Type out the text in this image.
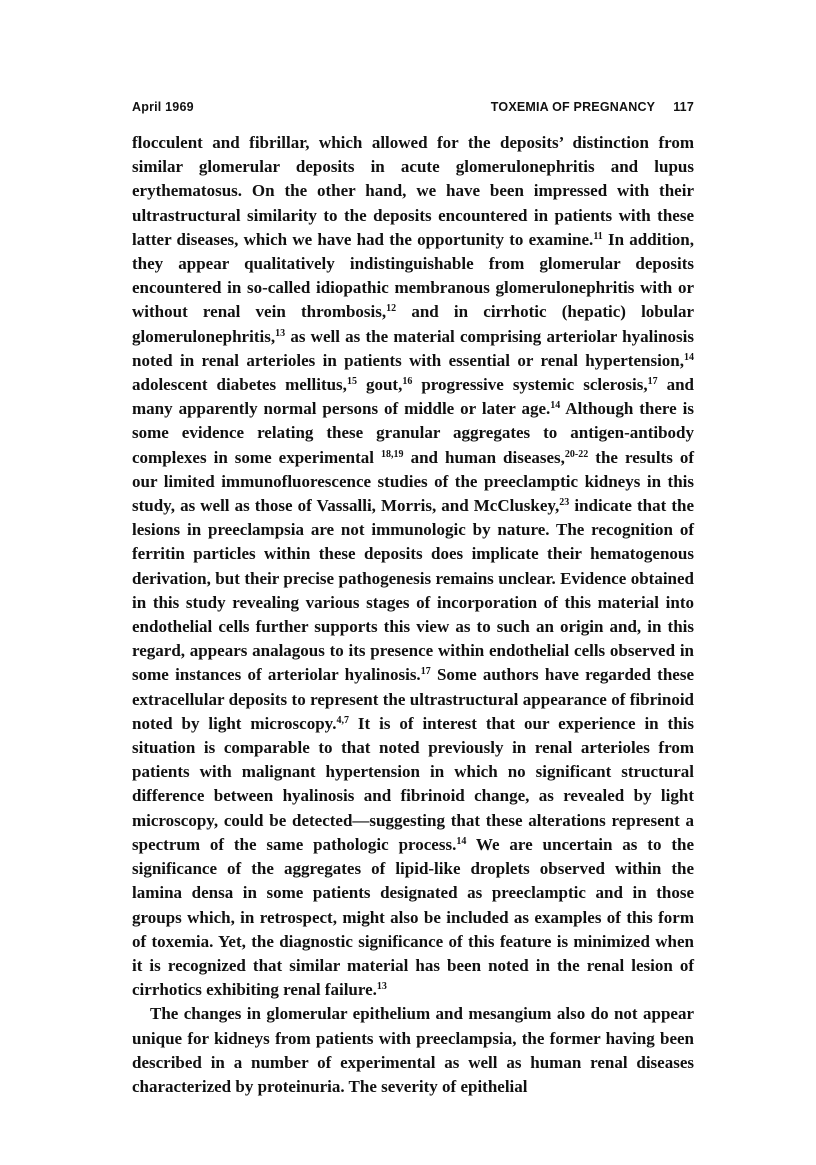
April 1969	TOXEMIA OF PREGNANCY 117

flocculent and fibrillar, which allowed for the deposits’ distinction from similar glomerular deposits in acute glomerulonephritis and lupus erythematosus. On the other hand, we have been impressed with their ultrastructural similarity to the deposits encountered in patients with these latter diseases, which we have had the opportunity to examine.$^{11}$ In addition, they appear qualitatively indistinguishable from glomerular deposits encountered in so-called idiopathic membranous glomerulonephritis with or without renal vein thrombosis,$^{12}$ and in cirrhotic (hepatic) lobular glomerulonephritis,$^{13}$ as well as the material comprising arteriolar hyalinosis noted in renal arterioles in patients with essential or renal hypertension,$^{14}$ adolescent diabetes mellitus,$^{15}$ gout,$^{16}$ progressive systemic sclerosis,$^{17}$ and many apparently normal persons of middle or later age.$^{14}$ Although there is some evidence relating these granular aggregates to antigen-antibody complexes in some experimental $^{18,19}$ and human diseases,$^{20-22}$ the results of our limited immunofluorescence studies of the preeclamptic kidneys in this study, as well as those of Vassalli, Morris, and McCluskey,$^{23}$ indicate that the lesions in preeclampsia are not immunologic by nature. The recognition of ferritin particles within these deposits does implicate their hematogenous derivation, but their precise pathogenesis remains unclear. Evidence obtained in this study revealing various stages of incorporation of this material into endothelial cells further supports this view as to such an origin and, in this regard, appears analagous to its presence within endothelial cells observed in some instances of arteriolar hyalinosis.$^{17}$ Some authors have regarded these extracellular deposits to represent the ultrastructural appearance of fibrinoid noted by light microscopy.$^{4,7}$ It is of interest that our experience in this situation is comparable to that noted previously in renal arterioles from patients with malignant hypertension in which no significant structural difference between hyalinosis and fibrinoid change, as revealed by light microscopy, could be detected—suggesting that these alterations represent a spectrum of the same pathologic process.$^{14}$ We are uncertain as to the significance of the aggregates of lipid-like droplets observed within the lamina densa in some patients designated as preeclamptic and in those groups which, in retrospect, might also be included as examples of this form of toxemia. Yet, the diagnostic significance of this feature is minimized when it is recognized that similar material has been noted in the renal lesion of cirrhotics exhibiting renal failure.$^{13}$

The changes in glomerular epithelium and mesangium also do not appear unique for kidneys from patients with preeclampsia, the former having been described in a number of experimental as well as human renal diseases characterized by proteinuria. The severity of epithelial
